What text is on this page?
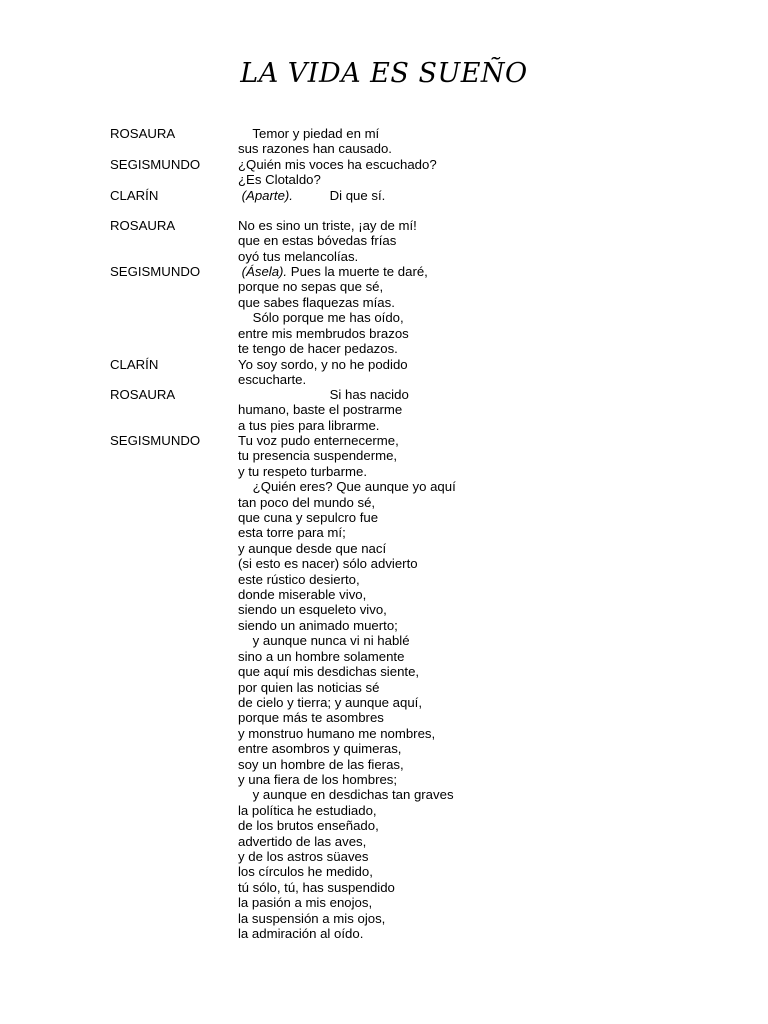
LA VIDA ES SUEÑO
ROSAURA	Temor y piedad en mí
sus razones han causado.
SEGISMUNDO	¿Quién mis voces ha escuchado?
¿Es Clotaldo?
CLARÍN	(Aparte).          Di que sí.
ROSAURA	No es sino un triste, ¡ay de mí!
que en estas bóvedas frías
oyó tus melancolías.
SEGISMUNDO	(Ásela). Pues la muerte te daré,
porque no sepas que sé,
que sabes flaquezas mías.
Sólo porque me has oído,
entre mis membrudos brazos
te tengo de hacer pedazos.
CLARÍN	Yo soy sordo, y no he podido
escucharte.
ROSAURA	Si has nacido
humano, baste el postrarme
a tus pies para librarme.
SEGISMUNDO	Tu voz pudo enternecerme,
tu presencia suspenderme,
y tu respeto turbarme.
¿Quién eres? Que aunque yo aquí
tan poco del mundo sé,
que cuna y sepulcro fue
esta torre para mí;
y aunque desde que nací
(si esto es nacer) sólo advierto
este rústico desierto,
donde miserable vivo,
siendo un esqueleto vivo,
siendo un animado muerto;
y aunque nunca vi ni hablé
sino a un hombre solamente
que aquí mis desdichas siente,
por quien las noticias sé
de cielo y tierra; y aunque aquí,
porque más te asombres
y monstruo humano me nombres,
entre asombros y quimeras,
soy un hombre de las fieras,
y una fiera de los hombres;
y aunque en desdichas tan graves
la política he estudiado,
de los brutos enseñado,
advertido de las aves,
y de los astros süaves
los círculos he medido,
tú sólo, tú, has suspendido
la pasión a mis enojos,
la suspensión a mis ojos,
la admiración al oído.
